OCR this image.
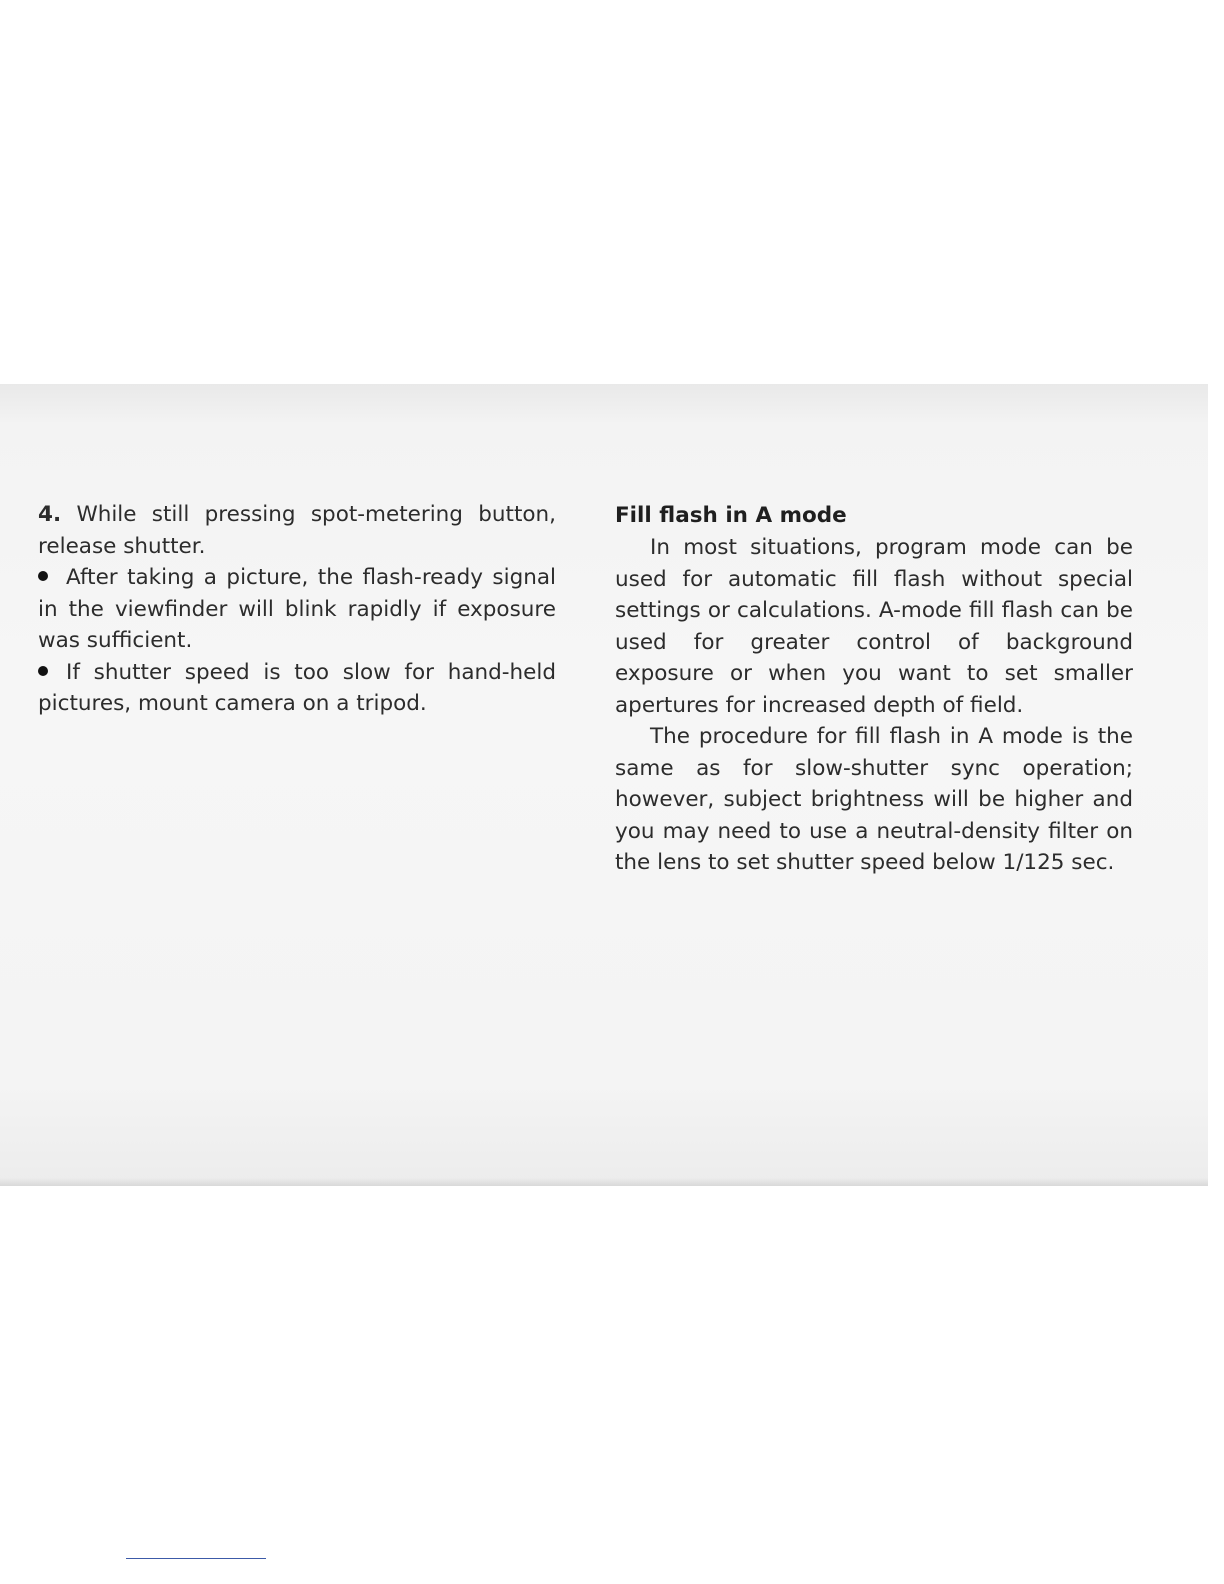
4. While still pressing spot-metering button, release shutter.

After taking a picture, the flash-ready signal in the viewfinder will blink rapidly if exposure was sufficient.

If shutter speed is too slow for hand-held pictures, mount camera on a tripod.

Fill flash in A mode

In most situations, program mode can be used for automatic fill flash without special settings or calculations. A-mode fill flash can be used for greater control of background exposure or when you want to set smaller apertures for increased depth of field.

The procedure for fill flash in A mode is the same as for slow-shutter sync operation; however, subject brightness will be higher and you may need to use a neutral-density filter on the lens to set shutter speed below 1/125 sec.
